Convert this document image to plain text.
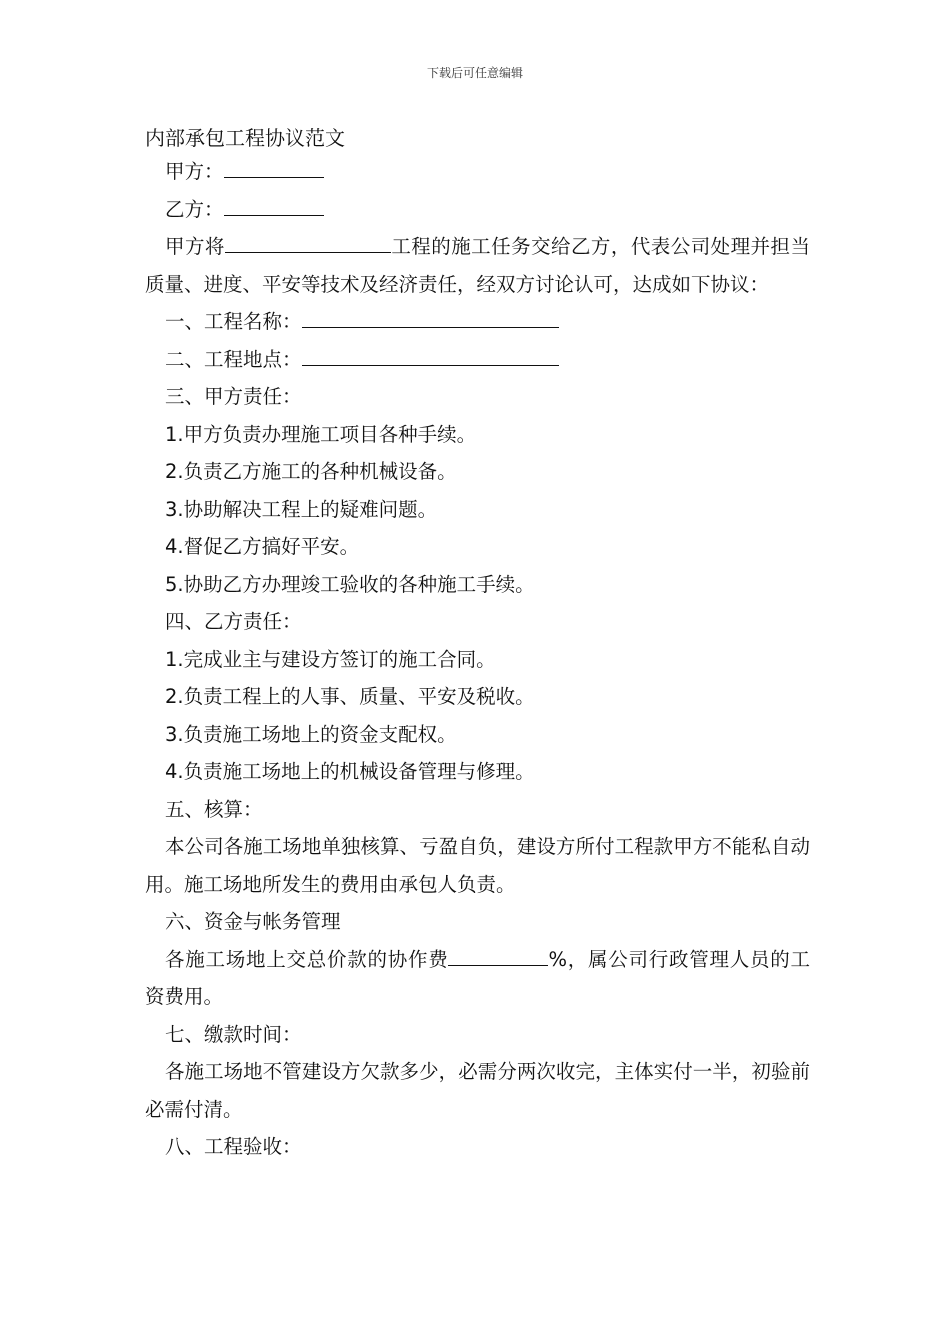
下载后可任意编辑
内部承包工程协议范文
甲方：
乙方：
甲方将	工程的施工任务交给乙方，代表公司处理并担当质量、进度、平安等技术及经济责任，经双方讨论认可，达成如下协议：
一、工程名称：
二、工程地点：
三、甲方责任：
1.甲方负责办理施工项目各种手续。
2.负责乙方施工的各种机械设备。
3.协助解决工程上的疑难问题。
4.督促乙方搞好平安。
5.协助乙方办理竣工验收的各种施工手续。
四、乙方责任：
1.完成业主与建设方签订的施工合同。
2.负责工程上的人事、质量、平安及税收。
3.负责施工场地上的资金支配权。
4.负责施工场地上的机械设备管理与修理。
五、核算：
本公司各施工场地单独核算、亏盈自负，建设方所付工程款甲方不能私自动用。施工场地所发生的费用由承包人负责。
六、资金与帐务管理
各施工场地上交总价款的协作费	%，属公司行政管理人员的工资费用。
七、缴款时间：
各施工场地不管建设方欠款多少，必需分两次收完，主体实付一半，初验前必需付清。
八、工程验收：
